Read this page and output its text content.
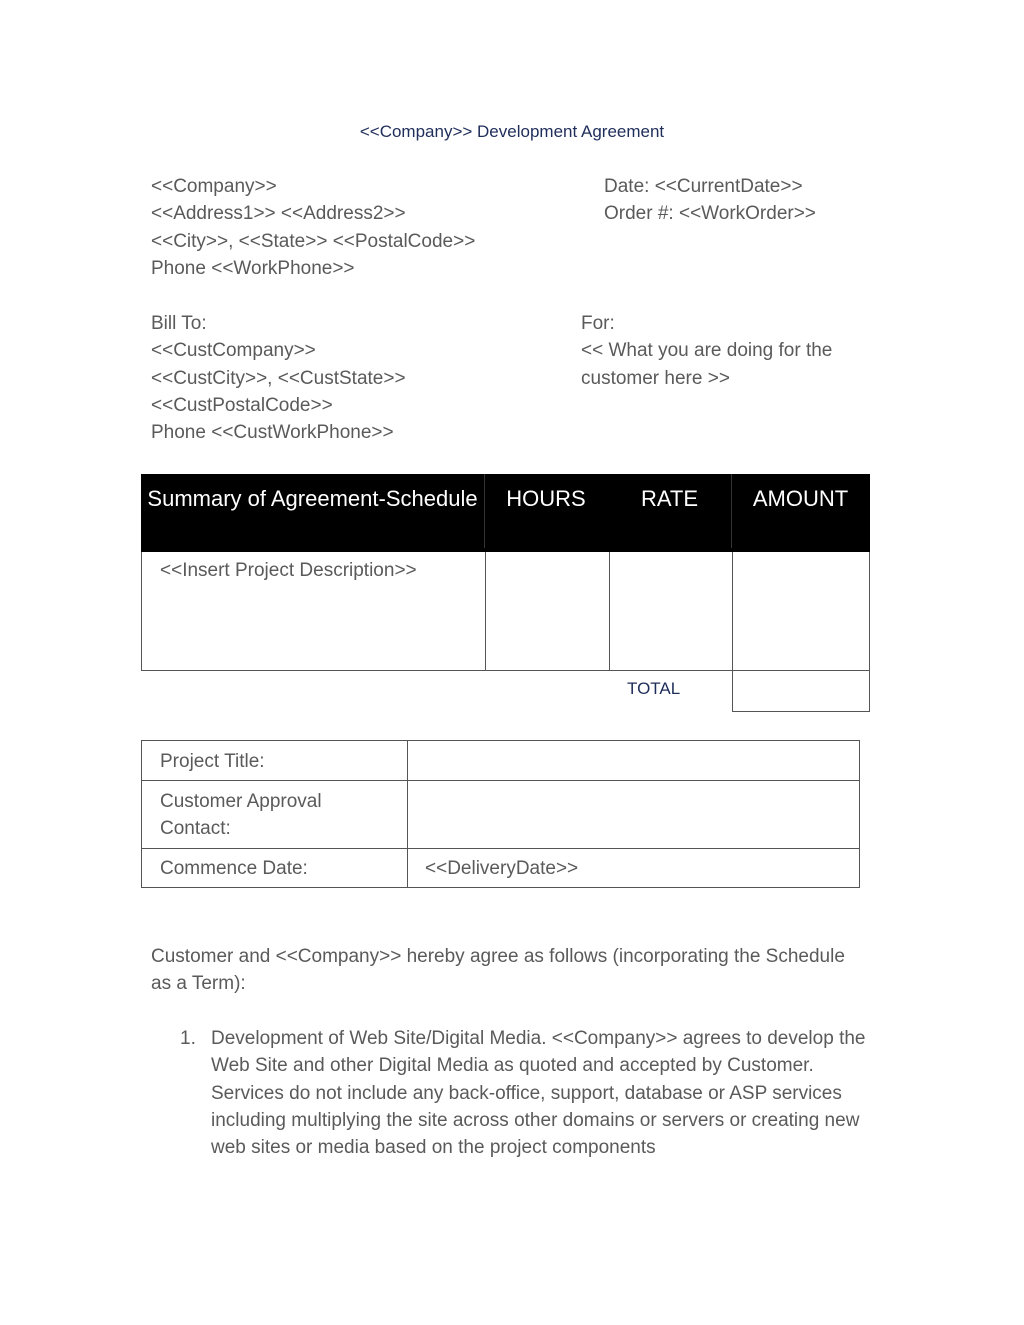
<<Company>> Development Agreement
<<Company>>
<<Address1>> <<Address2>>
<<City>>, <<State>> <<PostalCode>>
Phone <<WorkPhone>>
Date: <<CurrentDate>>
Order #: <<WorkOrder>>
Bill To:
<<CustCompany>>
<<CustCity>>, <<CustState>>
<<CustPostalCode>>
Phone <<CustWorkPhone>>
For:
<< What you are doing for the customer here >>
Summary of Agreement-Schedule	HOURS	RATE	AMOUNT
<<Insert Project Description>>
TOTAL
Project Title:
Customer Approval Contact:
Commence Date:	<<DeliveryDate>>
Customer and <<Company>> hereby agree as follows (incorporating the Schedule as a Term):
1. Development of Web Site/Digital Media. <<Company>> agrees to develop the Web Site and other Digital Media as quoted and accepted by Customer. Services do not include any back-office, support, database or ASP services including multiplying the site across other domains or servers or creating new web sites or media based on the project components
